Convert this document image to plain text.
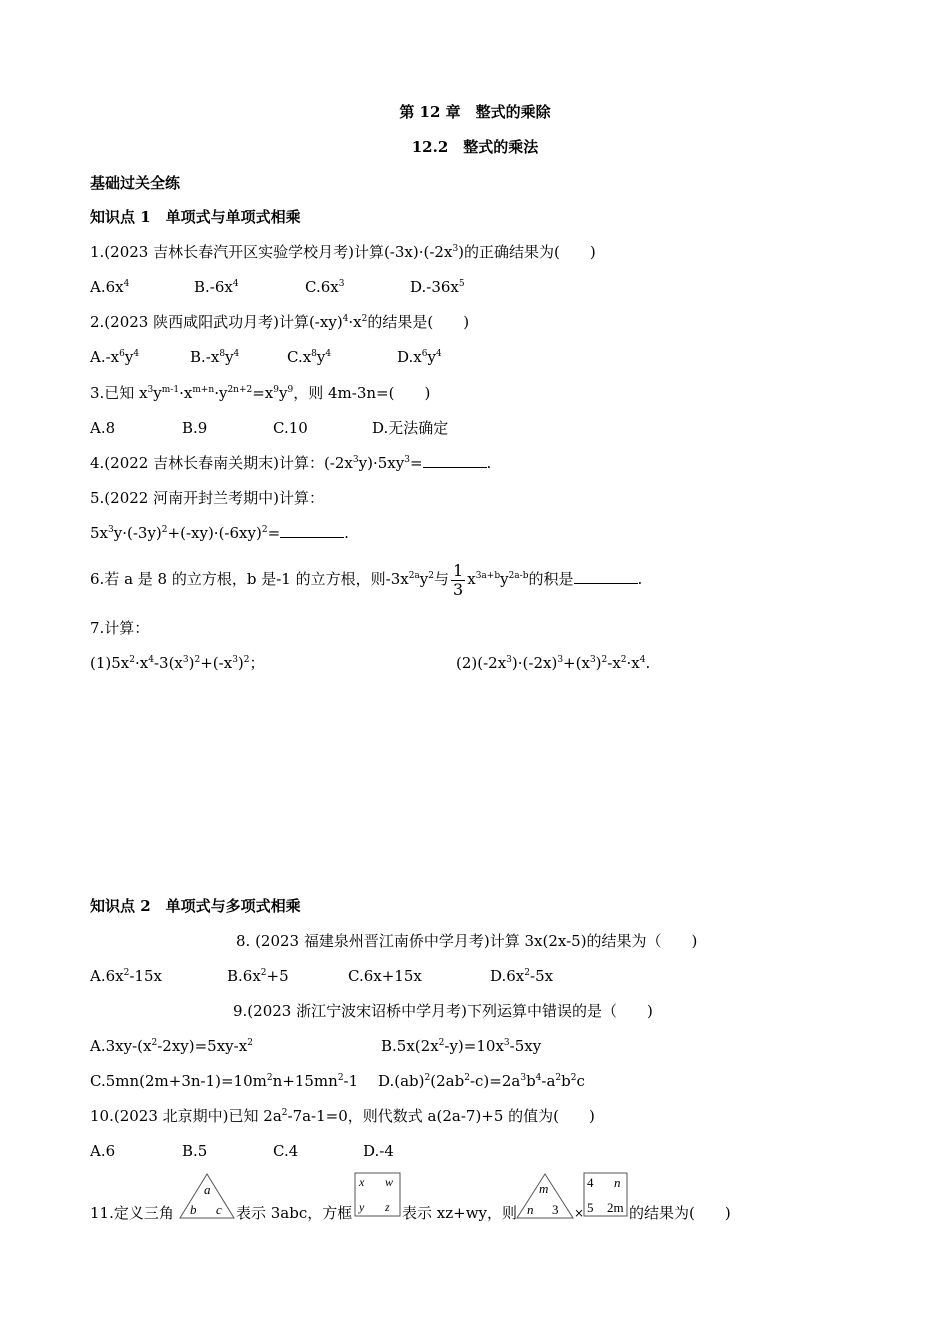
第 12 章　整式的乘除
12.2　整式的乘法
基础过关全练
知识点 1　单项式与单项式相乘
1.(2023 吉林长春汽开区实验学校月考)计算$(-3x)\cdot(-2x^3)$的正确结果为(　　)
$A.6x^4$	$B.-6x^4$	$C.6x^3$	$D.-36x^5$
2.(2023 陕西咸阳武功月考)计算$(-xy)^4\cdot x^2$的结果是(　　)
$A.-x^6y^4$	$B.-x^8y^4$	$C.x^8y^4$	$D.x^6y^4$
3.已知 $x^3y^{m-1}\cdot x^{m+n}\cdot y^{2n+2}=x^9y^9$，则 4m-3n=(　　)
A.8	B.9	C.10	D.无法确定
4.(2022 吉林长春南关期末)计算：$(-2x^3y)\cdot 5xy^3=$	.
5.(2022 河南开封兰考期中)计算：
$5x^3y\cdot(-3y)^2+(-xy)\cdot(-6xy)^2=$	.
6.若 a 是 8 的立方根，b 是-1 的立方根，则$-3x^{2a}y^2$与 $\frac{1}{3} x^{3a+b}y^{2a-b}$的积是	.
7.计算：
$(1)5x^2\cdot x^4-3(x^3)^2+(-x^3)^2$；	$(2)(-2x^3)\cdot(-2x)^3+(x^3)^2-x^2\cdot x^4$.
知识点 2　单项式与多项式相乘
8. (2023 福建泉州晋江南侨中学月考)计算 3x(2x-5)的结果为（　　)
$A.6x^2-15x$	$B.6x^2+5$	C.6x+15x	$D.6x^2-5x$
9.(2023 浙江宁波宋诏桥中学月考)下列运算中错误的是（　　)
$A.3xy-(x^2-2xy)=5xy-x^2$	$B.5x(2x^2-y)=10x^3-5xy$
$C.5mn(2m+3n-1)=10m^2n+15mn^2-1$ $D.(ab)^2(2ab^2-c)=2a^3b^4-a^2b^2c$
10.(2023 北京期中)已知 $2a^2-7a-1=0$，则代数式 a(2a-7)+5 的值为(　　)
A.6	B.5	C.4	D.-4
11.定义三角
a
b c 表示 3abc，方框
x w
y z 表示 xz+wy，则
m
n 3 ×
4 n
5 2m 的结果为(　　)
